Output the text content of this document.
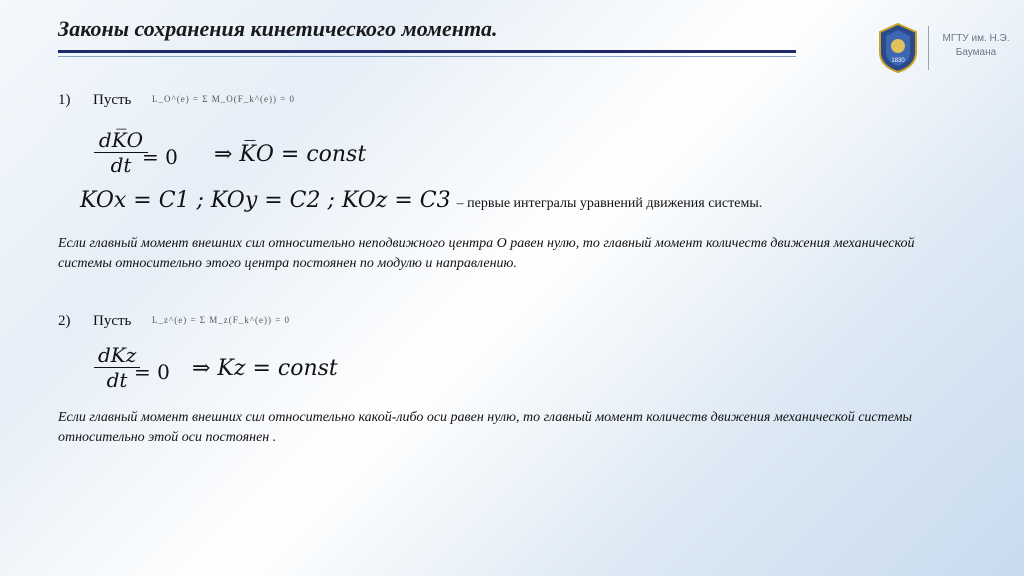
Законы сохранения кинетического момента.
1830
МГТУ им. Н.Э.
Баумана
1) Пусть L_O^(e) = Σ M_O(F_k^(e)) = 0
dK̅O
dt = 0 ⇒ K̅O = const
KOx = C1 ; KOy = C2 ; KOz = C3 – первые интегралы уравнений движения системы.

Если главный момент внешних сил относительно неподвижного центра O равен нулю, то главный момент количеств движения механической системы относительно этого центра постоянен по модулю и направлению.

2) Пусть L_z^(e) = Σ M_z(F_k^(e)) = 0
dKz
dt = 0 ⇒ Kz = const

Если главный момент внешних сил относительно какой-либо оси равен нулю, то главный момент количеств движения механической системы относительно этой оси постоянен .
